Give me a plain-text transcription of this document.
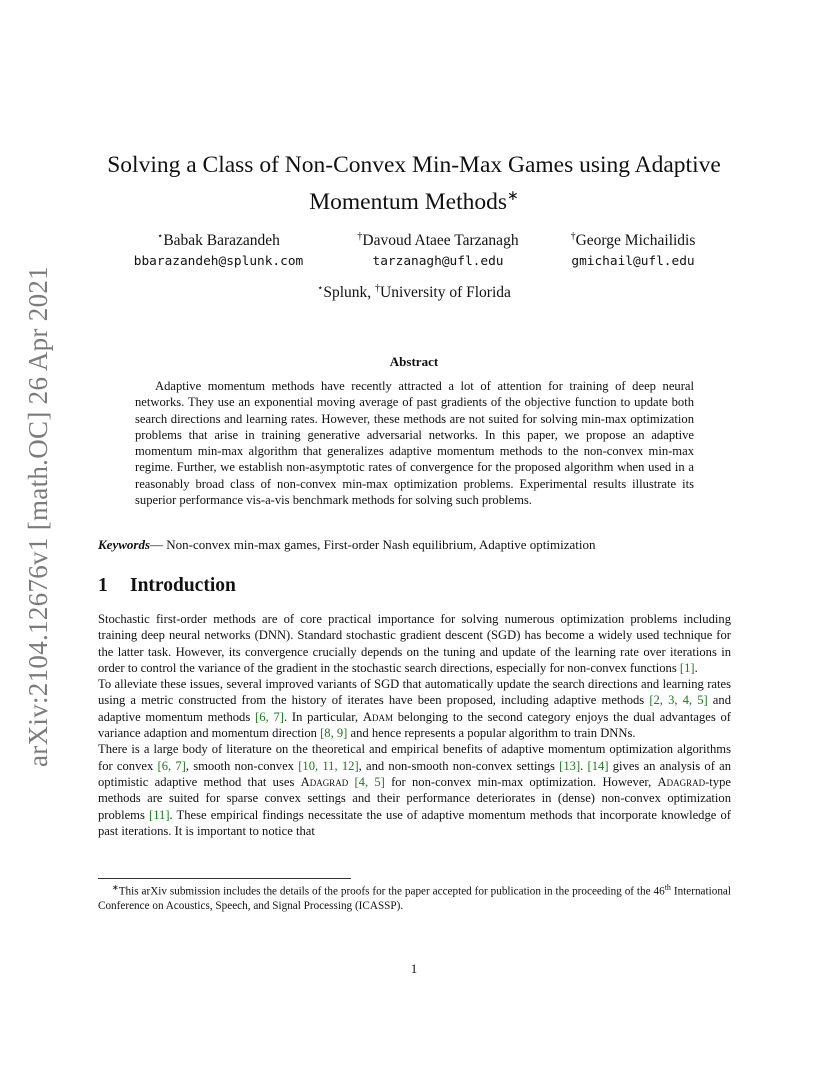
arXiv:2104.12676v1 [math.OC] 26 Apr 2021
Solving a Class of Non-Convex Min-Max Games using Adaptive
Momentum Methods∗
⋆Babak Barazandeh
bbarazandeh@splunk.com
†Davoud Ataee Tarzanagh
tarzanagh@ufl.edu
†George Michailidis
gmichail@ufl.edu
⋆Splunk, †University of Florida
Abstract

Adaptive momentum methods have recently attracted a lot of attention for training of deep neural networks. They use an exponential moving average of past gradients of the objective function to update both search directions and learning rates. However, these methods are not suited for solving min-max optimization problems that arise in training generative adversarial networks. In this paper, we propose an adaptive momentum min-max algorithm that generalizes adaptive momentum methods to the non-convex min-max regime. Further, we establish non-asymptotic rates of convergence for the proposed algorithm when used in a reasonably broad class of non-convex min-max optimization problems. Experimental results illustrate its superior performance vis-a-vis benchmark methods for solving such problems.

Keywords— Non-convex min-max games, First-order Nash equilibrium, Adaptive optimization
1 Introduction

Stochastic first-order methods are of core practical importance for solving numerous optimization problems including training deep neural networks (DNN). Standard stochastic gradient descent (SGD) has become a widely used technique for the latter task. However, its convergence crucially depends on the tuning and update of the learning rate over iterations in order to control the variance of the gradient in the stochastic search directions, especially for non-convex functions [1].

To alleviate these issues, several improved variants of SGD that automatically update the search directions and learning rates using a metric constructed from the history of iterates have been proposed, including adaptive methods [2, 3, 4, 5] and adaptive momentum methods [6, 7]. In particular, Adam belonging to the second category enjoys the dual advantages of variance adaption and momentum direction [8, 9] and hence represents a popular algorithm to train DNNs.

There is a large body of literature on the theoretical and empirical benefits of adaptive momentum optimization algorithms for convex [6, 7], smooth non-convex [10, 11, 12], and non-smooth non-convex settings [13]. [14] gives an analysis of an optimistic adaptive method that uses Adagrad [4, 5] for non-convex min-max optimization. However, Adagrad-type methods are suited for sparse convex settings and their performance deteriorates in (dense) non-convex optimization problems [11]. These empirical findings necessitate the use of adaptive momentum methods that incorporate knowledge of past iterations. It is important to notice that

∗This arXiv submission includes the details of the proofs for the paper accepted for publication in the proceeding of the 46th International Conference on Acoustics, Speech, and Signal Processing (ICASSP).

1
